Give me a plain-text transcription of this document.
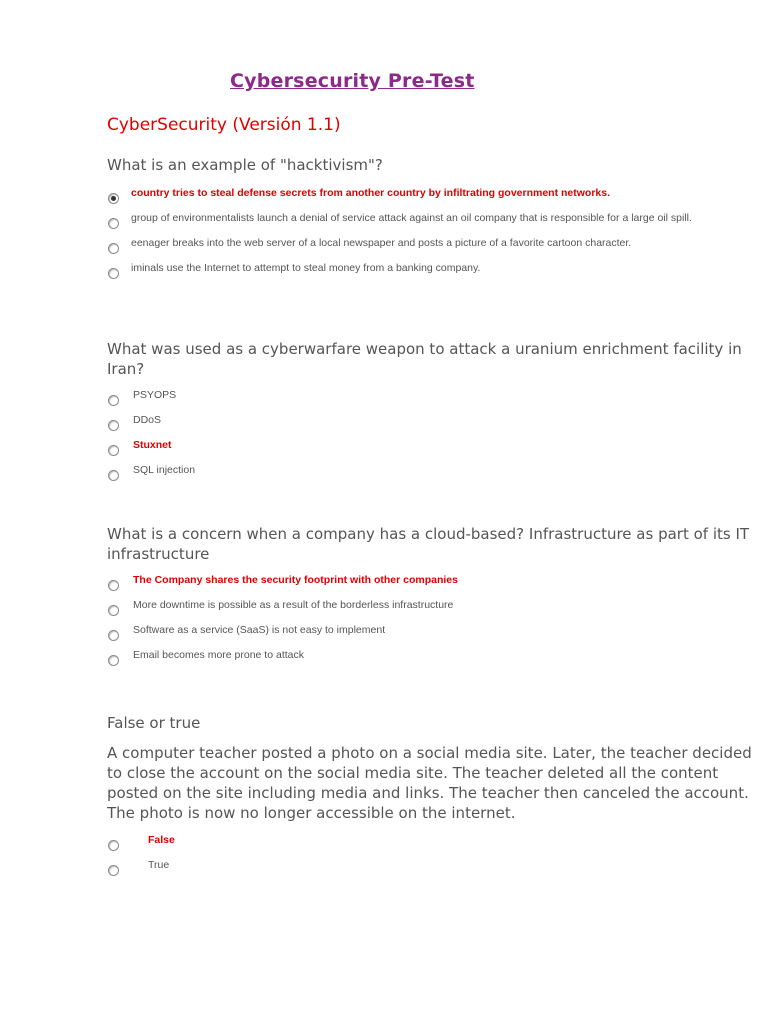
Cybersecurity Pre-Test
CyberSecurity (Versión 1.1)
What is an example of "hacktivism"?
country tries to steal defense secrets from another country by infiltrating government networks.
group of environmentalists launch a denial of service attack against an oil company that is responsible for a large oil spill.
eenager breaks into the web server of a local newspaper and posts a picture of a favorite cartoon character.
iminals use the Internet to attempt to steal money from a banking company.
What was used as a cyberwarfare weapon to attack a uranium enrichment facility in Iran?
PSYOPS
DDoS
Stuxnet
SQL injection
What is a concern when a company has a cloud-based? Infrastructure as part of its IT infrastructure
The Company shares the security footprint with other companies
More downtime is possible as a result of the borderless infrastructure
Software as a service (SaaS) is not easy to implement
Email becomes more prone to attack
False or true
A computer teacher posted a photo on a social media site. Later, the teacher decided to close the account on the social media site. The teacher deleted all the content posted on the site including media and links. The teacher then canceled the account. The photo is now no longer accessible on the internet.
False
True
